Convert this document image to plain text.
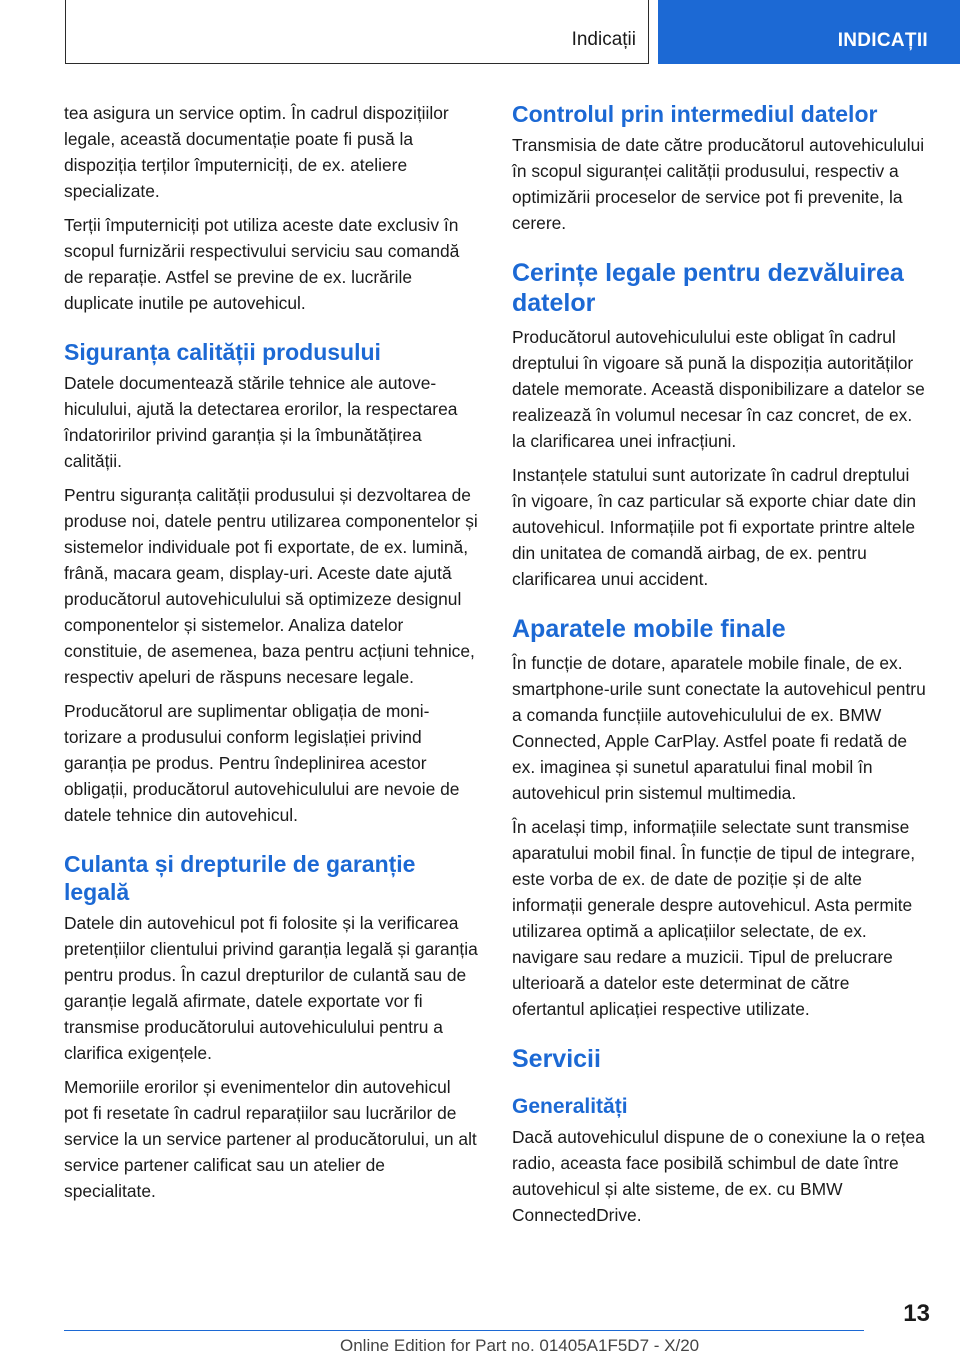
Indicații	INDICAȚII

tea asigura un service optim. În cadrul dispozițiilor legale, această documentație poate fi pusă la dispoziția terților împuterniciți, de ex. ateliere specializate.

Terții împuterniciți pot utiliza aceste date exclusiv în scopul furnizării respectivului serviciu sau comandă de reparație. Astfel se previne de ex. lucrările duplicate inutile pe autovehicul.

Siguranța calității produsului

Datele documentează stările tehnice ale autovehiculului, ajută la detectarea erorilor, la respectarea îndatoririlor privind garanția și la îmbunătățirea calității.

Pentru siguranța calității produsului și dezvoltarea de produse noi, datele pentru utilizarea componentelor și sistemelor individuale pot fi exportate, de ex. lumină, frână, macara geam, display-uri. Aceste date ajută producătorul autovehiculului să optimizeze designul componentelor și sistemelor. Analiza datelor constituie, de asemenea, baza pentru acțiuni tehnice, respectiv apeluri de răspuns necesare legale.

Producătorul are suplimentar obligația de monitorizare a produsului conform legislației privind garanția pe produs. Pentru îndeplinirea acestor obligații, producătorul autovehiculului are nevoie de datele tehnice din autovehicul.

Culanta și drepturile de garanție legală

Datele din autovehicul pot fi folosite și la verificarea pretențiilor clientului privind garanția legală și garanția pentru produs. În cazul drepturilor de culantă sau de garanție legală afirmate, datele exportate vor fi transmise producătorului autovehiculului pentru a clarifica exigențele.

Memoriile erorilor și evenimentelor din autovehicul pot fi resetate în cadrul reparațiilor sau lucrărilor de service la un service partener al producătorului, un alt service partener calificat sau un atelier de specialitate.

Controlul prin intermediul datelor

Transmisia de date către producătorul autovehiculului în scopul siguranței calității produsului, respectiv a optimizării proceselor de service pot fi prevenite, la cerere.

Cerințe legale pentru dezvăluirea datelor

Producătorul autovehiculului este obligat în cadrul dreptului în vigoare să pună la dispoziția autorităților datele memorate. Această disponibilizare a datelor se realizează în volumul necesar în caz concret, de ex. la clarificarea unei infracțiuni.

Instanțele statului sunt autorizate în cadrul dreptului în vigoare, în caz particular să exporte chiar date din autovehicul. Informațiile pot fi exportate printre altele din unitatea de comandă airbag, de ex. pentru clarificarea unui accident.

Aparatele mobile finale

În funcție de dotare, aparatele mobile finale, de ex. smartphone-urile sunt conectate la autovehicul pentru a comanda funcțiile autovehiculului de ex. BMW Connected, Apple CarPlay. Astfel poate fi redată de ex. imaginea și sunetul aparatului final mobil în autovehicul prin sistemul multimedia.

În același timp, informațiile selectate sunt transmise aparatului mobil final. În funcție de tipul de integrare, este vorba de ex. de date de poziție și de alte informații generale despre autovehicul. Asta permite utilizarea optimă a aplicațiilor selectate, de ex. navigare sau redare a muzicii. Tipul de prelucrare ulterioară a datelor este determinat de către ofertantul aplicației respective utilizate.

Servicii
Generalități

Dacă autovehiculul dispune de o conexiune la o rețea radio, aceasta face posibilă schimbul de date între autovehicul și alte sisteme, de ex. cu BMW ConnectedDrive.

13
Online Edition for Part no. 01405A1F5D7 - X/20
